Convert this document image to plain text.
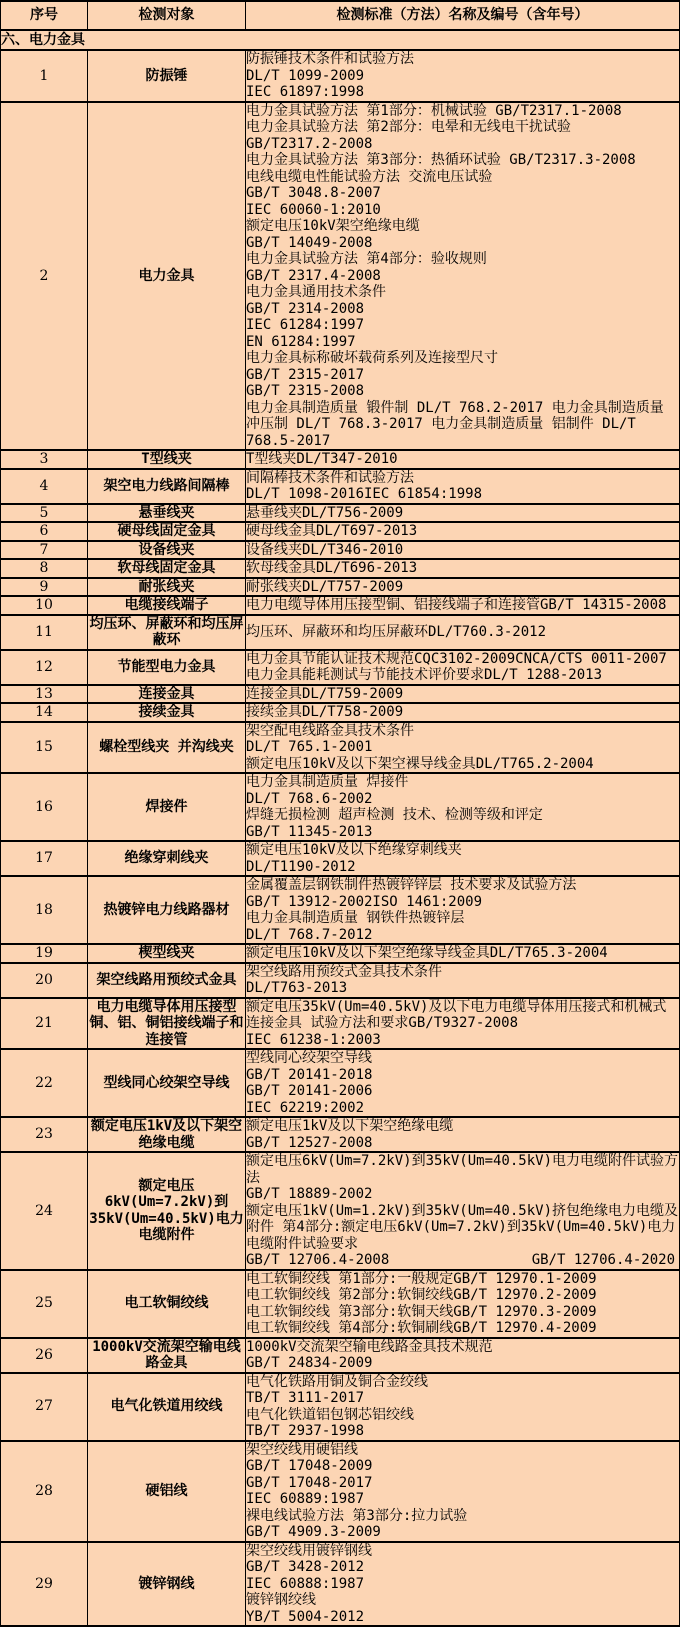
序号	检测对象	检测标准（方法）名称及编号（含年号）
六、电力金具		
1	防振锤	防振锤技术条件和试验方法
DL/T 1099-2009
IEC 61897:1998

2	电力金具	
电力金具试验方法 第1部分：机械试验 GB/T2317.1-2008
电力金具试验方法 第2部分：电晕和无线电干扰试验
GB/T2317.2-2008
电力金具试验方法 第3部分：热循环试验 GB/T2317.3-2008
电线电缆电性能试验方法 交流电压试验
GB/T 3048.8-2007
IEC 60060-1:2010
额定电压10kV架空绝缘电缆
GB/T 14049-2008
电力金具试验方法 第4部分：验收规则
GB/T 2317.4-2008
电力金具通用技术条件
GB/T 2314-2008
IEC 61284:1997
EN 61284:1997
电力金具标称破坏载荷系列及连接型尺寸
GB/T 2315-2017
GB/T 2315-2008
电力金具制造质量 锻件制 DL/T 768.2-2017 电力金具制造质量 冲压制 DL/T 768.3-2017 电力金具制造质量 铝制件 DL/T 768.5-2017

3	T型线夹	T型线夹DL/T347-2010

4	架空电力线路间隔棒	间隔棒技术条件和试验方法
DL/T 1098-2016IEC 61854:1998

5	悬垂线夹	悬垂线夹DL/T756-2009

6	硬母线固定金具	硬母线金具DL/T697-2013

7	设备线夹	设备线夹DL/T346-2010

8	软母线固定金具	软母线金具DL/T696-2013

9	耐张线夹	耐张线夹DL/T757-2009

10	电缆接线端子	电力电缆导体用压接型铜、铝接线端子和连接管GB/T 14315-2008

11	均压环、屏蔽环和均压屏蔽环	均压环、屏蔽环和均压屏蔽环DL/T760.3-2012

12	节能型电力金具	电力金具节能认证技术规范CQC3102-2009CNCA/CTS 0011-2007电力金具能耗测试与节能技术评价要求DL/T 1288-2013

13	连接金具	连接金具DL/T759-2009

14	接续金具	接续金具DL/T758-2009

15	螺栓型线夹 并沟线夹	架空配电线路金具技术条件
DL/T 765.1-2001
额定电压10kV及以下架空裸导线金具DL/T765.2-2004

16	焊接件	电力金具制造质量 焊接件
DL/T 768.6-2002
焊缝无损检测 超声检测 技术、检测等级和评定
GB/T 11345-2013

17	绝缘穿刺线夹	额定电压10kV及以下绝缘穿刺线夹
DL/T1190-2012

18	热镀锌电力线路器材	金属覆盖层钢铁制件热镀锌锌层 技术要求及试验方法
GB/T 13912-2002ISO 1461:2009
电力金具制造质量 钢铁件热镀锌层
DL/T 768.7-2012

19	楔型线夹	额定电压10kV及以下架空绝缘导线金具DL/T765.3-2004

20	架空线路用预绞式金具	架空线路用预绞式金具技术条件
DL/T763-2013

21	电力电缆导体用压接型铜、铝、铜铝接线端子和连接管	额定电压35kV(Um=40.5kV)及以下电力电缆导体用压接式和机械式连接金具 试验方法和要求GB/T9327-2008
IEC 61238-1:2003

22	型线同心绞架空导线	型线同心绞架空导线
GB/T 20141-2018
GB/T 20141-2006
IEC 62219:2002

23	额定电压1kV及以下架空绝缘电缆	额定电压1kV及以下架空绝缘电缆
GB/T 12527-2008

24	额定电压6kV(Um=7.2kV)到35kV(Um=40.5kV)电力电缆附件	额定电压6kV(Um=7.2kV)到35kV(Um=40.5kV)电力电缆附件试验方法
GB/T 18889-2002
额定电压1kV(Um=1.2kV)到35kV(Um=40.5kV)挤包绝缘电力电缆及附件 第4部分:额定电压6kV(Um=7.2kV)到35kV(Um=40.5kV)电力电缆附件试验要求
GB/T 12706.4-2008 GB/T 12706.4-2020

25	电工软铜绞线	电工软铜绞线 第1部分:一般规定GB/T 12970.1-2009
电工软铜绞线 第2部分:软铜绞线GB/T 12970.2-2009
电工软铜绞线 第3部分:软铜天线GB/T 12970.3-2009
电工软铜绞线 第4部分:软铜刷线GB/T 12970.4-2009

26	1000kV交流架空输电线路金具	1000kV交流架空输电线路金具技术规范
GB/T 24834-2009

27	电气化铁道用绞线	电气化铁路用铜及铜合金绞线
TB/T 3111-2017
电气化铁道铝包钢芯铝绞线
TB/T 2937-1998

28	硬铝线	
架空绞线用硬铝线
GB/T 17048-2009
GB/T 17048-2017
IEC 60889:1987
裸电线试验方法 第3部分:拉力试验
GB/T 4909.3-2009

29	镀锌钢线	架空绞线用镀锌钢线
GB/T 3428-2012
IEC 60888:1987
镀锌钢绞线
YB/T 5004-2012
